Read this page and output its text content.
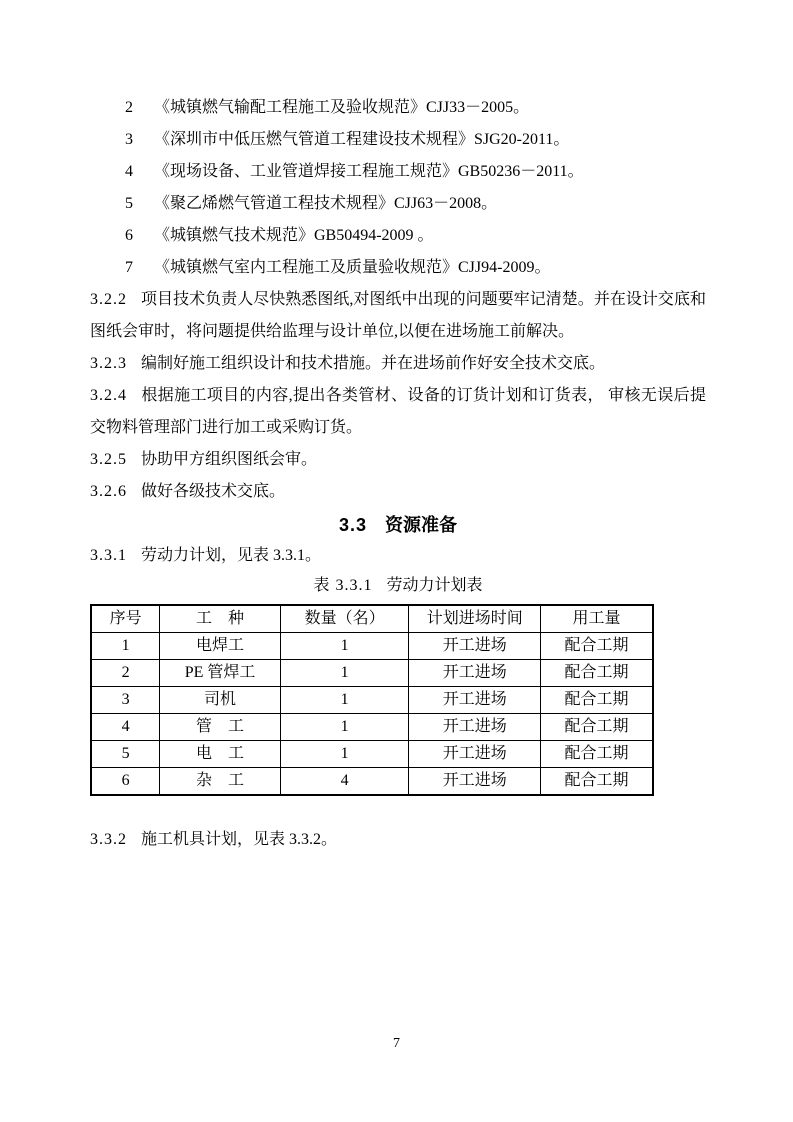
2 《城镇燃气输配工程施工及验收规范》CJJ33－2005。
3 《深圳市中低压燃气管道工程建设技术规程》SJG20-2011。
4 《现场设备、工业管道焊接工程施工规范》GB50236－2011。
5 《聚乙烯燃气管道工程技术规程》CJJ63－2008。
6 《城镇燃气技术规范》GB50494-2009 。
7 《城镇燃气室内工程施工及质量验收规范》CJJ94-2009。

3.2.2 项目技术负责人尽快熟悉图纸,对图纸中出现的问题要牢记清楚。并在设计交底和图纸会审时，将问题提供给监理与设计单位,以便在进场施工前解决。

3.2.3 编制好施工组织设计和技术措施。并在进场前作好安全技术交底。

3.2.4 根据施工项目的内容,提出各类管材、设备的订货计划和订货表， 审核无误后提交物料管理部门进行加工或采购订货。

3.2.5 协助甲方组织图纸会审。

3.2.6 做好各级技术交底。

3.3 资源准备

3.3.1 劳动力计划，见表 3.3.1。

表 3.3.1 劳动力计划表

序号	工　种	数量（名）	计划进场时间	用工量
1	电焊工	1	开工进场	配合工期
2	PE 管焊工	1	开工进场	配合工期
3	司机	1	开工进场	配合工期
4	管　工	1	开工进场	配合工期
5	电　工	1	开工进场	配合工期
6	杂　工	4	开工进场	配合工期

3.3.2 施工机具计划，见表 3.3.2。

7
